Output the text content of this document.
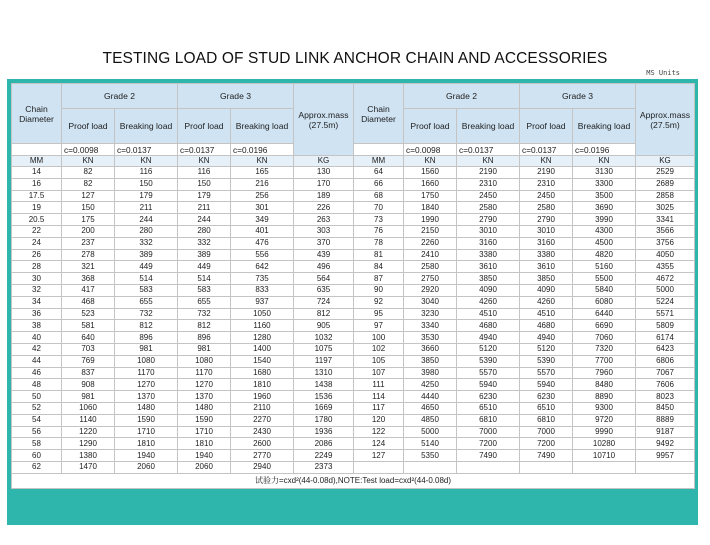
TESTING LOAD OF STUD LINK ANCHOR CHAIN AND ACCESSORIES
MS Units
Chain Diameter	Grade 2		Grade 3		Approx.mass (27.5m)	Chain Diameter	Grade 2		Grade 3		Approx.mass (27.5m)
	Proof load	Breaking load	Proof load	Breaking load			Proof load	Breaking load	Proof load	Breaking load	
	c=0.0098	c=0.0137	c=0.0137	c=0.0196			c=0.0098	c=0.0137	c=0.0137	c=0.0196	
MM	KN	KN	KN	KN	KG	MM	KN	KN	KN	KN	KG
14	82	116	116	165	130	64	1560	2190	2190	3130	2529
16	82	150	150	216	170	66	1660	2310	2310	3300	2689
17.5	127	179	179	256	189	68	1750	2450	2450	3500	2858
19	150	211	211	301	226	70	1840	2580	2580	3690	3025
20.5	175	244	244	349	263	73	1990	2790	2790	3990	3341
22	200	280	280	401	303	76	2150	3010	3010	4300	3566
24	237	332	332	476	370	78	2260	3160	3160	4500	3756
26	278	389	389	556	439	81	2410	3380	3380	4820	4050
28	321	449	449	642	496	84	2580	3610	3610	5160	4355
30	368	514	514	735	564	87	2750	3850	3850	5500	4672
32	417	583	583	833	635	90	2920	4090	4090	5840	5000
34	468	655	655	937	724	92	3040	4260	4260	6080	5224
36	523	732	732	1050	812	95	3230	4510	4510	6440	5571
38	581	812	812	1160	905	97	3340	4680	4680	6690	5809
40	640	896	896	1280	1032	100	3530	4940	4940	7060	6174
42	703	981	981	1400	1075	102	3660	5120	5120	7320	6423
44	769	1080	1080	1540	1197	105	3850	5390	5390	7700	6806
46	837	1170	1170	1680	1310	107	3980	5570	5570	7960	7067
48	908	1270	1270	1810	1438	111	4250	5940	5940	8480	7606
50	981	1370	1370	1960	1536	114	4440	6230	6230	8890	8023
52	1060	1480	1480	2110	1669	117	4650	6510	6510	9300	8450
54	1140	1590	1590	2270	1780	120	4850	6810	6810	9720	8889
56	1220	1710	1710	2430	1936	122	5000	7000	7000	9990	9187
58	1290	1810	1810	2600	2086	124	5140	7200	7200	10280	9492
60	1380	1940	1940	2770	2249	127	5350	7490	7490	10710	9957
62	1470	2060	2060	2940	2373						
试验力=cxd²(44-0.08d),NOTE:Test load=cxd²(44-0.08d)											
